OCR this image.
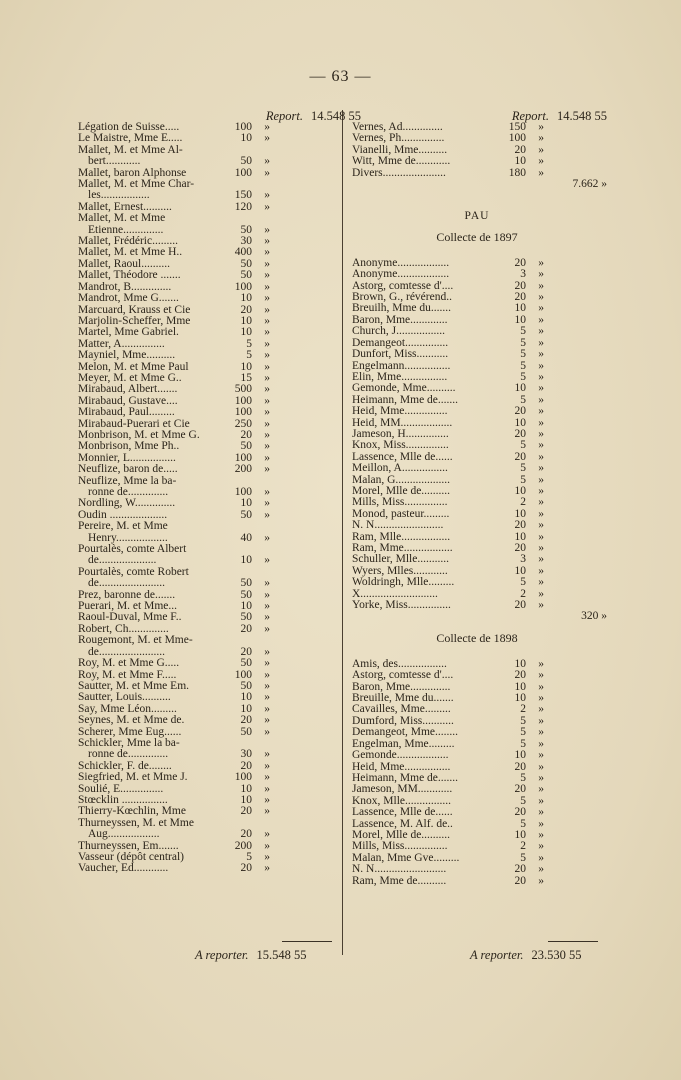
— 63 —
Report. 14.548 55
Légation de Suisse.....	100	»
Le Maistre, Mme E.....	10	»
Mallet, M. et Mme Al-
bert............	50	»
Mallet, baron Alphonse	100	»
Mallet, M. et Mme Char-
les.................	150	»
Mallet, Ernest..........	120	»
Mallet, M. et Mme
Etienne..............	50	»
Mallet, Frédéric.........	30	»
Mallet, M. et Mme H..	400	»
Mallet, Raoul..........	50	»
Mallet, Théodore .......	50	»
Mandrot, B..............	100	»
Mandrot, Mme G.......	10	»
Marcuard, Krauss et Cie	20	»
Marjolin-Scheffer, Mme	10	»
Martel, Mme Gabriel.	10	»
Matter, A...............	5	»
Mayniel, Mme..........	5	»
Melon, M. et Mme Paul	10	»
Meyer, M. et Mme G..	15	»
Mirabaud, Albert.......	500	»
Mirabaud, Gustave....	100	»
Mirabaud, Paul.........	100	»
Mirabaud-Puerari et Cie	250	»
Monbrison, M. et Mme G.	20	»
Monbrison, Mme Ph..	50	»
Monnier, L................	100	»
Neuflize, baron de.....	200	»
Neuflize, Mme la ba-
ronne de..............	100	»
Nordling, W..............	10	»
Oudin ....................	50	»
Pereire, M. et Mme
Henry..................	40	»
Pourtalès, comte Albert
de....................	10	»
Pourtalès, comte Robert
de.......................	50	»
Prez, baronne de.......	50	»
Puerari, M. et Mme...	10	»
Raoul-Duval, Mme F..	50	»
Robert, Ch..............	20	»
Rougemont, M. et Mme-
de.......................	20	»
Roy, M. et Mme G.....	50	»
Roy, M. et Mme F.....	100	»
Sautter, M. et Mme Em.	50	»
Sautter, Louis..........	10	»
Say, Mme Léon.........	10	»
Seynes, M. et Mme de.	20	»
Scherer, Mme Eug......	50	»
Schickler, Mme la ba-
ronne de..............	30	»
Schickler, F. de........	20	»
Siegfried, M. et Mme J.	100	»
Soulié, E...............	10	»
Stœcklin ................	10	»
Thierry-Kœchlin, Mme	20	»
Thurneyssen, M. et Mme
Aug..................	20	»
Thurneyssen, Em.......	200	»
Vasseur (dépôt central)	5	»
Vaucher, Ed............	20	»
Report. 14.548 55
Vernes, Ad..............	150	»
Vernes, Ph...............	100	»
Vianelli, Mme..........	20	»
Witt, Mme de............	10	»
Divers......................	180	»
7.662 »
PAU
Collecte de 1897
Anonyme..................	20	»
Anonyme..................	3	»
Astorg, comtesse d'....	20	»
Brown, G., révérend..	20	»
Breuilh, Mme du.......	10	»
Baron, Mme.............	10	»
Church, J.................	5	»
Demangeot...............	5	»
Dunfort, Miss...........	5	»
Engelmann................	5	»
Elin, Mme................	5	»
Gemonde, Mme..........	10	»
Heimann, Mme de.......	5	»
Heid, Mme...............	20	»
Heid, MM..................	10	»
Jameson, H...............	20	»
Knox, Miss...............	5	»
Lassence, Mlle de......	20	»
Meillon, A................	5	»
Malan, G...................	5	»
Morel, Mlle de..........	10	»
Mills, Miss...............	2	»
Monod, pasteur.........	10	»
N. N........................	20	»
Ram, Mlle.................	10	»
Ram, Mme.................	20	»
Schuller, Mlle...........	3	»
Wyers, Mlles............	10	»
Woldringh, Mlle.........	5	»
X...........................	2	»
Yorke, Miss...............	20	»
320 »
Collecte de 1898
Amis, des.................	10	»
Astorg, comtesse d'....	20	»
Baron, Mme..............	10	»
Breuille, Mme du.......	10	»
Cavailles, Mme.........	2	»
Dumford, Miss...........	5	»
Demangeot, Mme........	5	»
Engelman, Mme.........	5	»
Gemonde..................	10	»
Heid, Mme................	20	»
Heimann, Mme de.......	5	»
Jameson, MM............	20	»
Knox, Mlle................	5	»
Lassence, Mlle de......	20	»
Lassence, M. Alf. de..	5	»
Morel, Mlle de..........	10	»
Mills, Miss...............	2	»
Malan, Mme Gve.........	5	»
N. N.........................	20	»
Ram, Mme de..........	20	»
A reporter. 15.548 55	A reporter. 23.530 55
